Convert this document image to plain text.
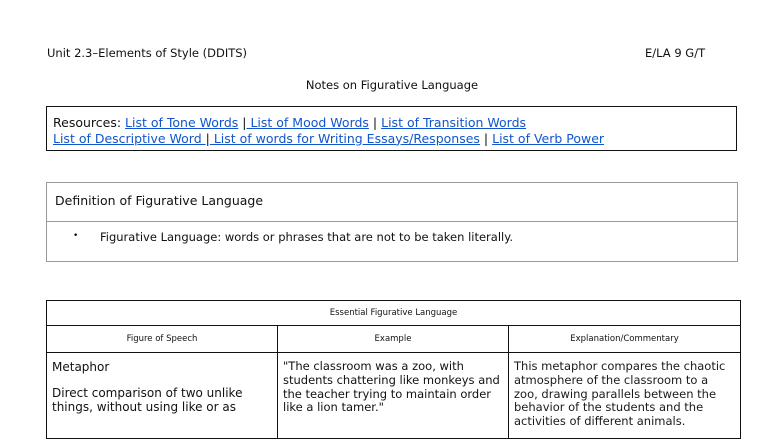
Unit 2.3–Elements of Style (DDITS)	E/LA 9 G/T
Notes on Figurative Language
Resources: List of Tone Words | List of Mood Words | List of Transition Words
List of Descriptive Word | List of words for Writing Essays/Responses | List of Verb Power
Definition of Figurative Language
• Figurative Language: words or phrases that are not to be taken literally.
Essential Figurative Language		
Figure of Speech	Example	Explanation/Commentary

Metaphor
Direct comparison of two unlike things, without using like or as	"The classroom was a zoo, with students chattering like monkeys and the teacher trying to maintain order like a lion tamer."	This metaphor compares the chaotic atmosphere of the classroom to a zoo, drawing parallels between the behavior of the students and the activities of different animals.
